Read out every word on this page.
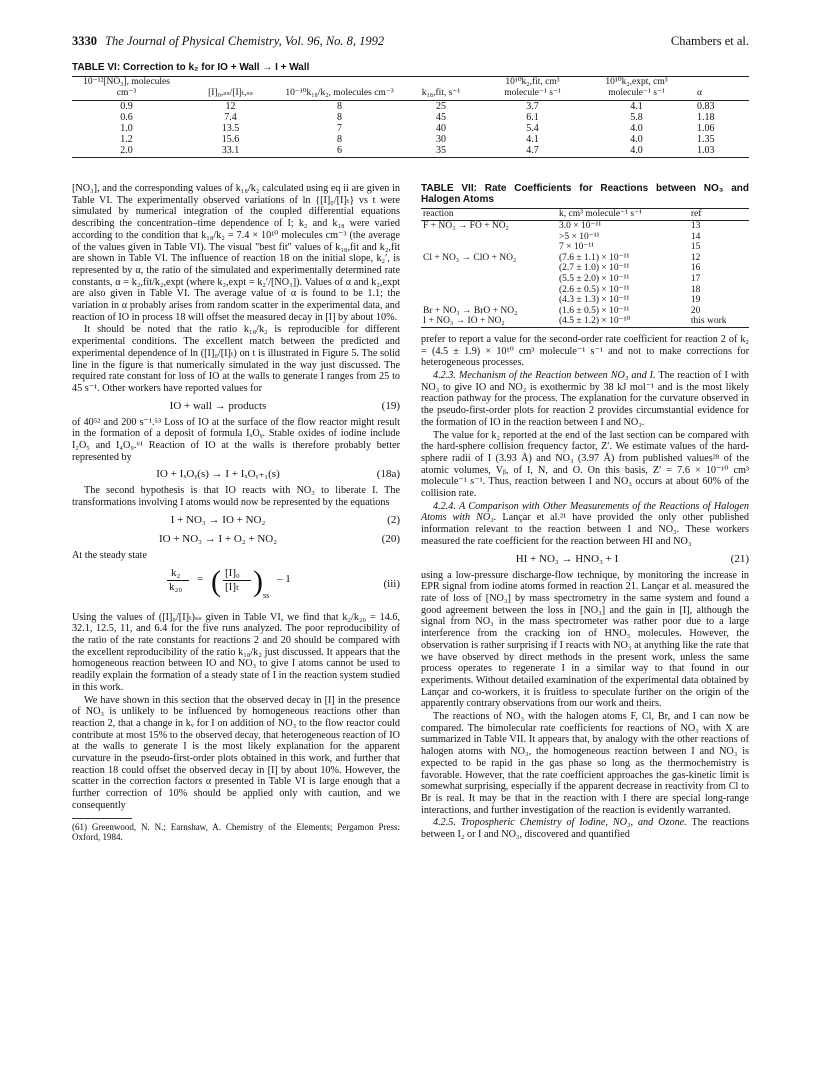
3330 The Journal of Physical Chemistry, Vol. 96, No. 8, 1992	Chambers et al.
TABLE VI: Correction to k₂ for IO + Wall → I + Wall
10⁻¹²[NO₃], molecules cm⁻³	[I]₀,ₛₛ/[I]ₜ,ₛₛ	10⁻¹⁰k₁₈/k₂, molecules cm⁻³	k₁₈,fit, s⁻¹	10¹⁰k₂,fit, cm³ molecule⁻¹ s⁻¹	10¹⁰k₂,expt, cm³ molecule⁻¹ s⁻¹	α
0.9	12	8	25	3.7	4.1	0.83
0.6	7.4	8	45	6.1	5.8	1.18
1.0	13.5	7	40	5.4	4.0	1.06
1.2	15.6	8	30	4.1	4.0	1.35
2.0	33.1	6	35	4.7	4.0	1.03

[NO₃], and the corresponding values of k₁₈/k₂ calculated using eq ii are given in Table VI. The experimentally observed variations of ln {[I]₀/[I]ₜ} vs t were simulated by numerical integration of the coupled differential equations describing the concentration–time dependence of I; k₂ and k₁₈ were varied according to the condition that k₁₈/k₂ = 7.4 × 10¹⁰ molecules cm⁻³ (the average of the values given in Table VI). The visual "best fit" values of k₁₈,fit and k₂,fit are shown in Table VI. The influence of reaction 18 on the initial slope, k₂′, is represented by α, the ratio of the simulated and experimentally determined rate constants, α = k₂,fit/k₂,expt (where k₂,expt = k₂′/[NO₃]). Values of α and k₂,expt are also given in Table VI. The average value of α is found to be 1.1; the variation in α probably arises from random scatter in the experimental data, and reaction of IO in process 18 will offset the measured decay in [I] by about 10%.

It should be noted that the ratio k₁₈/k₂ is reproducible for different experimental conditions. The excellent match between the predicted and experimental dependence of ln ([I]₀/[I]ₜ) on t is illustrated in Figure 5. The solid line in the figure is that numerically simulated in the way just discussed. The required rate constant for loss of IO at the walls to generate I ranges from 25 to 45 s⁻¹. Other workers have reported values for

IO + wall → products	(19)

of 40⁵² and 200 s⁻¹.⁵³ Loss of IO at the surface of the flow reactor might result in the formation of a deposit of formula IₓOᵧ. Stable oxides of iodine include I₂O₅ and I₄O₉.⁶¹ Reaction of IO at the walls is therefore probably better represented by

IO + IₓOᵧ(s) → I + IₓOᵧ₊₁(s)	(18a)

The second hypothesis is that IO reacts with NO₃ to liberate I. The transformations involving I atoms would now be represented by the equations

I + NO₃ → IO + NO₂	(2)
IO + NO₃ → I + O₂ + NO₂	(20)

At the steady state

k₂
k₂₀
= ( [I]₀
[I]ₜ ) ss
– 1	(iii)

Using the values of ([I]₀/[I]ₜ)ₛₛ given in Table VI, we find that k₂/k₂₀ = 14.6, 32.1, 12.5, 11, and 6.4 for the five runs analyzed. The poor reproducibility of the ratio of the rate constants for reactions 2 and 20 should be compared with the excellent reproducibility of the ratio k₁₈/k₂ just discussed. It appears that the homogeneous reaction between IO and NO₃ to give I atoms cannot be used to readily explain the formation of a steady state of I in the reaction system studied in this work.

We have shown in this section that the observed decay in [I] in the presence of NO₃ is unlikely to be influenced by homogeneous reactions other than reaction 2, that a change in kᵥ for I on addition of NO₃ to the flow reactor could contribute at most 15% to the observed decay, that heterogeneous reaction of IO at the walls to generate I is the most likely explanation for the apparent curvature in the pseudo-first-order plots obtained in this work, and further that reaction 18 could offset the observed decay in [I] by about 10%. However, the scatter in the correction factors α presented in Table VI is large enough that a further correction of 10% should be applied only with caution, and we consequently

(61) Greenwood, N. N.; Earnshaw, A. Chemistry of the Elements; Pergamon Press: Oxford, 1984.
TABLE VII: Rate Coefficients for Reactions between NO₃ and Halogen Atoms
reaction	k, cm³ molecule⁻¹ s⁻¹	ref
F + NO₃ → FO + NO₂	3.0 × 10⁻¹¹	13
	>5 × 10⁻¹¹	14
	7 × 10⁻¹¹	15
Cl + NO₃ → ClO + NO₂	(7.6 ± 1.1) × 10⁻¹¹	12
	(2.7 ± 1.0) × 10⁻¹¹	16
	(5.5 ± 2.0) × 10⁻¹¹	17
	(2.6 ± 0.5) × 10⁻¹¹	18
	(4.3 ± 1.3) × 10⁻¹¹	19
Br + NO₃ → BrO + NO₂	(1.6 ± 0.5) × 10⁻¹¹	20
I + NO₃ → IO + NO₂	(4.5 ± 1.2) × 10⁻¹⁰	this work

prefer to report a value for the second-order rate coefficient for reaction 2 of k₂ = (4.5 ± 1.9) × 10¹⁰ cm³ molecule⁻¹ s⁻¹ and not to make corrections for heterogeneous processes.

4.2.3. Mechanism of the Reaction between NO₃ and I. The reaction of I with NO₃ to give IO and NO₂ is exothermic by 38 kJ mol⁻¹ and is the most likely reaction pathway for the process. The explanation for the curvature observed in the pseudo-first-order plots for reaction 2 provides circumstantial evidence for the formation of IO in the reaction between I and NO₃.

The value for k₂ reported at the end of the last section can be compared with the hard-sphere collision frequency factor, Z′. We estimate values of the hard-sphere radii of I (3.93 Å) and NO₃ (3.97 Å) from published values²⁸ of the atomic volumes, Vᵦ, of I, N, and O. On this basis, Z′ = 7.6 × 10⁻¹⁰ cm³ molecule⁻¹ s⁻¹. Thus, reaction between I and NO₃ occurs at about 60% of the collision rate.

4.2.4. A Comparison with Other Measurements of the Reactions of Halogen Atoms with NO₃. Lançar et al.²¹ have provided the only other published information relevant to the reaction between I and NO₃. These workers measured the rate coefficient for the reaction between HI and NO₃

HI + NO₃ → HNO₃ + I	(21)

using a low-pressure discharge-flow technique, by monitoring the increase in EPR signal from iodine atoms formed in reaction 21. Lançar et al. measured the rate of loss of [NO₃] by mass spectrometry in the same system and found a good agreement between the loss in [NO₃] and the gain in [I], although the signal from NO₃ in the mass spectrometer was rather poor due to a large interference from the cracking ion of HNO₃ molecules. However, the observation is rather surprising if I reacts with NO₃ at anything like the rate that we have observed by direct methods in the present work, unless the same process operates to regenerate I in a similar way to that found in our experiments. Without detailed examination of the experimental data obtained by Lançar and co-workers, it is fruitless to speculate further on the origin of the apparently contrary observations from our work and theirs.

The reactions of NO₃ with the halogen atoms F, Cl, Br, and I can now be compared. The bimolecular rate coefficients for reactions of NO₃ with X are summarized in Table VII. It appears that, by analogy with the other reactions of halogen atoms with NO₃, the homogeneous reaction between I and NO₃ is expected to be rapid in the gas phase so long as the thermochemistry is favorable. However, that the rate coefficient approaches the gas-kinetic limit is somewhat surprising, especially if the apparent decrease in reactivity from Cl to Br is real. It may be that in the reaction with I there are special long-range interactions, and further investigation of the reaction is evidently warranted.

4.2.5. Tropospheric Chemistry of Iodine, NO₃, and Ozone. The reactions between I₂ or I and NO₃, discovered and quantified
